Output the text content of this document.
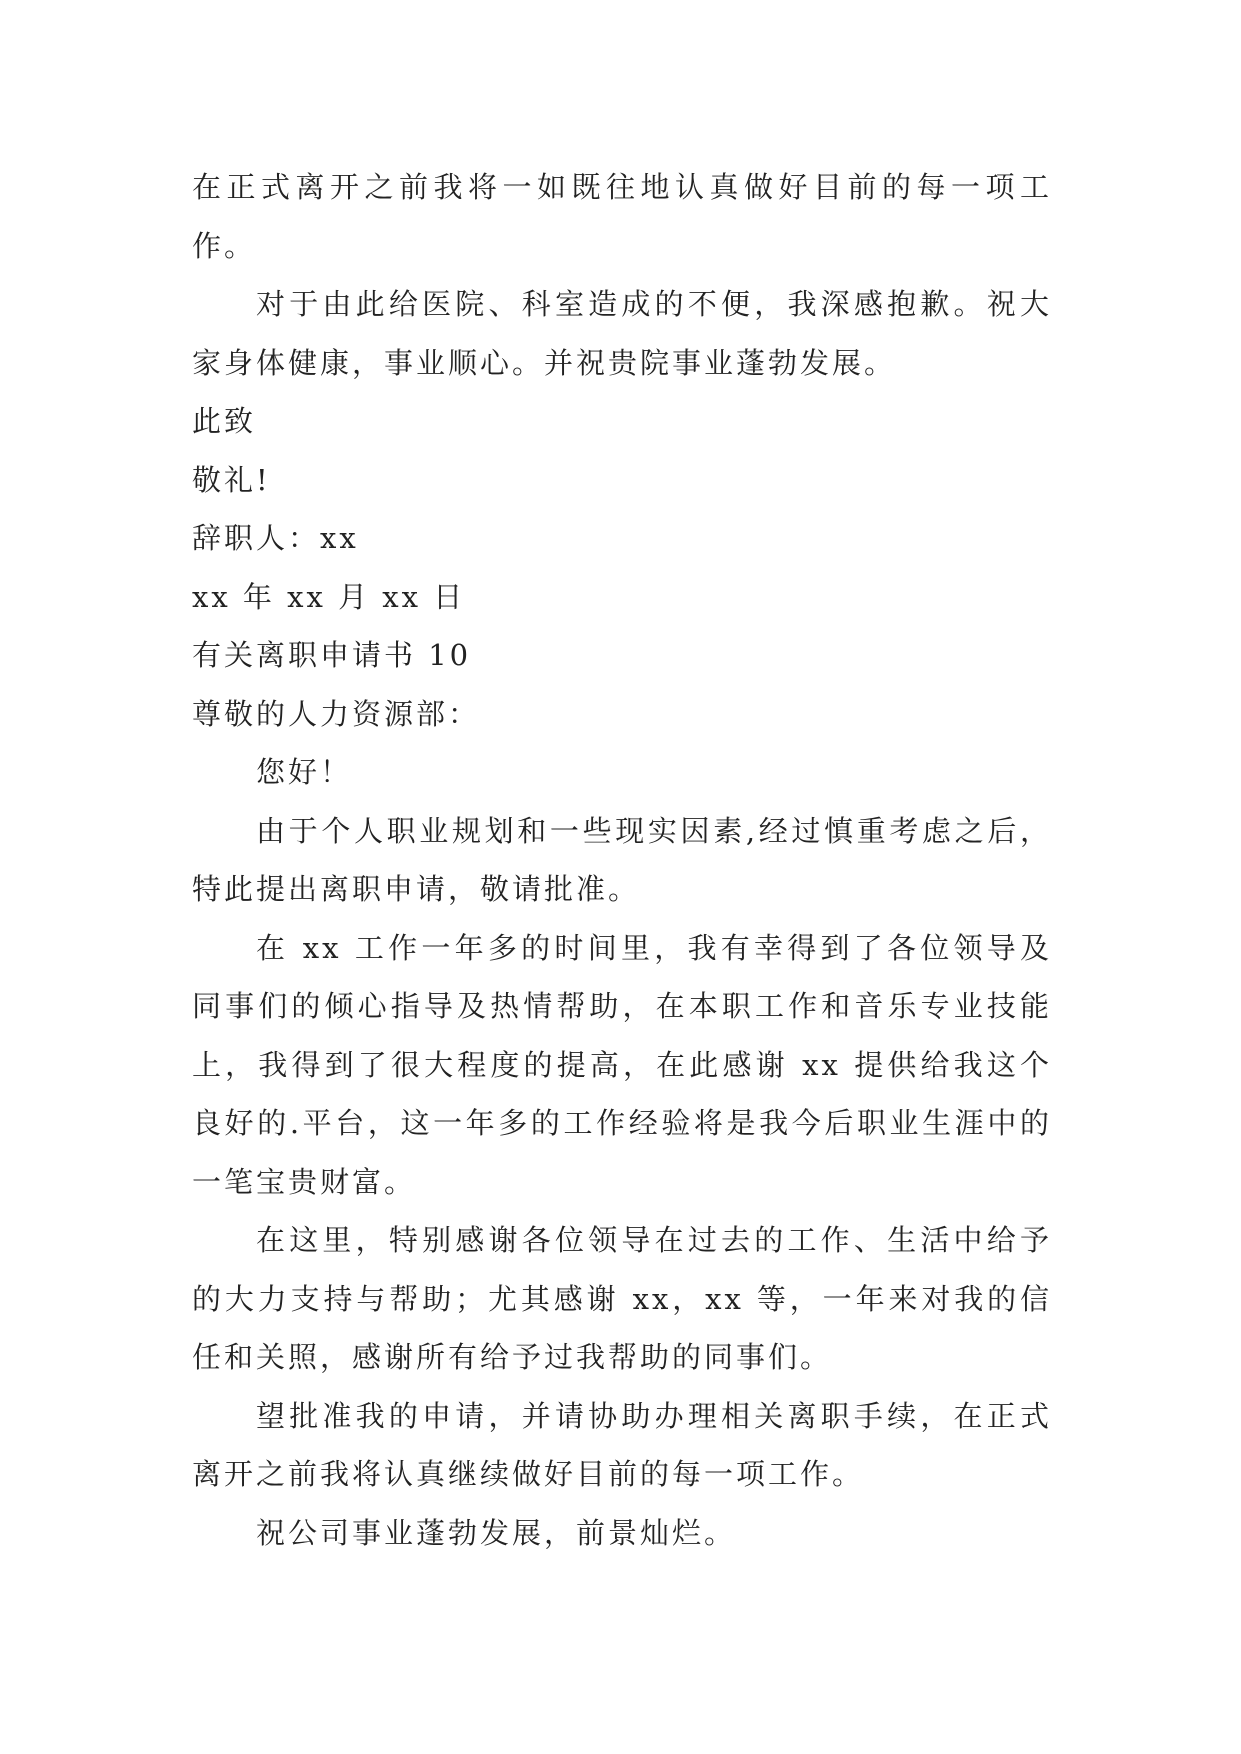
在正式离开之前我将一如既往地认真做好目前的每一项工作。

对于由此给医院、科室造成的不便，我深感抱歉。祝大家身体健康，事业顺心。并祝贵院事业蓬勃发展。

此致

敬礼!

辞职人：xx

xx 年 xx 月 xx 日

有关离职申请书 10

尊敬的人力资源部：

您好！

由于个人职业规划和一些现实因素,经过慎重考虑之后，特此提出离职申请，敬请批准。

在 xx 工作一年多的时间里，我有幸得到了各位领导及同事们的倾心指导及热情帮助，在本职工作和音乐专业技能上，我得到了很大程度的提高，在此感谢 xx 提供给我这个良好的.平台，这一年多的工作经验将是我今后职业生涯中的一笔宝贵财富。

在这里，特别感谢各位领导在过去的工作、生活中给予的大力支持与帮助；尤其感谢 xx，xx 等，一年来对我的信任和关照，感谢所有给予过我帮助的同事们。

望批准我的申请，并请协助办理相关离职手续，在正式离开之前我将认真继续做好目前的每一项工作。

祝公司事业蓬勃发展，前景灿烂。
